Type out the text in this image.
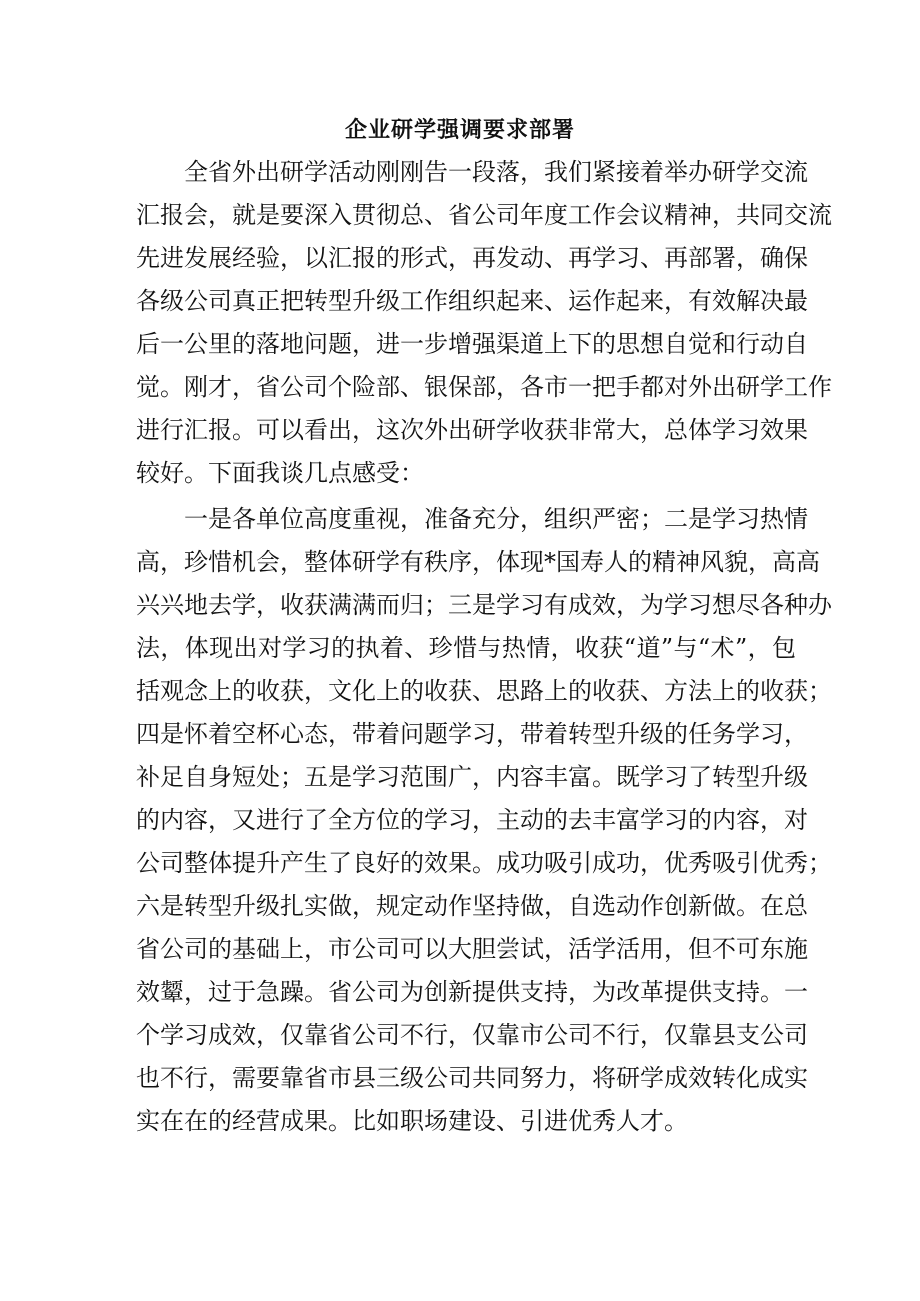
企业研学强调要求部署

全省外出研学活动刚刚告一段落，我们紧接着举办研学交流

汇报会，就是要深入贯彻总、省公司年度工作会议精神，共同交流

先进发展经验，以汇报的形式，再发动、再学习、再部署，确保

各级公司真正把转型升级工作组织起来、运作起来，有效解决最

后一公里的落地问题，进一步增强渠道上下的思想自觉和行动自

觉。刚才，省公司个险部、银保部，各市一把手都对外出研学工作

进行汇报。可以看出，这次外出研学收获非常大，总体学习效果

较好。下面我谈几点感受：

一是各单位高度重视，准备充分，组织严密；二是学习热情

高，珍惜机会，整体研学有秩序，体现*国寿人的精神风貌，高高

兴兴地去学，收获满满而归；三是学习有成效，为学习想尽各种办

法，体现出对学习的执着、珍惜与热情，收获“道”与“术”，包

括观念上的收获，文化上的收获、思路上的收获、方法上的收获；

四是怀着空杯心态，带着问题学习，带着转型升级的任务学习，

补足自身短处；五是学习范围广，内容丰富。既学习了转型升级

的内容，又进行了全方位的学习，主动的去丰富学习的内容，对

公司整体提升产生了良好的效果。成功吸引成功，优秀吸引优秀；

六是转型升级扎实做，规定动作坚持做，自选动作创新做。在总

省公司的基础上，市公司可以大胆尝试，活学活用，但不可东施

效颦，过于急躁。省公司为创新提供支持，为改革提供支持。一

个学习成效，仅靠省公司不行，仅靠市公司不行，仅靠县支公司

也不行，需要靠省市县三级公司共同努力，将研学成效转化成实

实在在的经营成果。比如职场建设、引进优秀人才。
